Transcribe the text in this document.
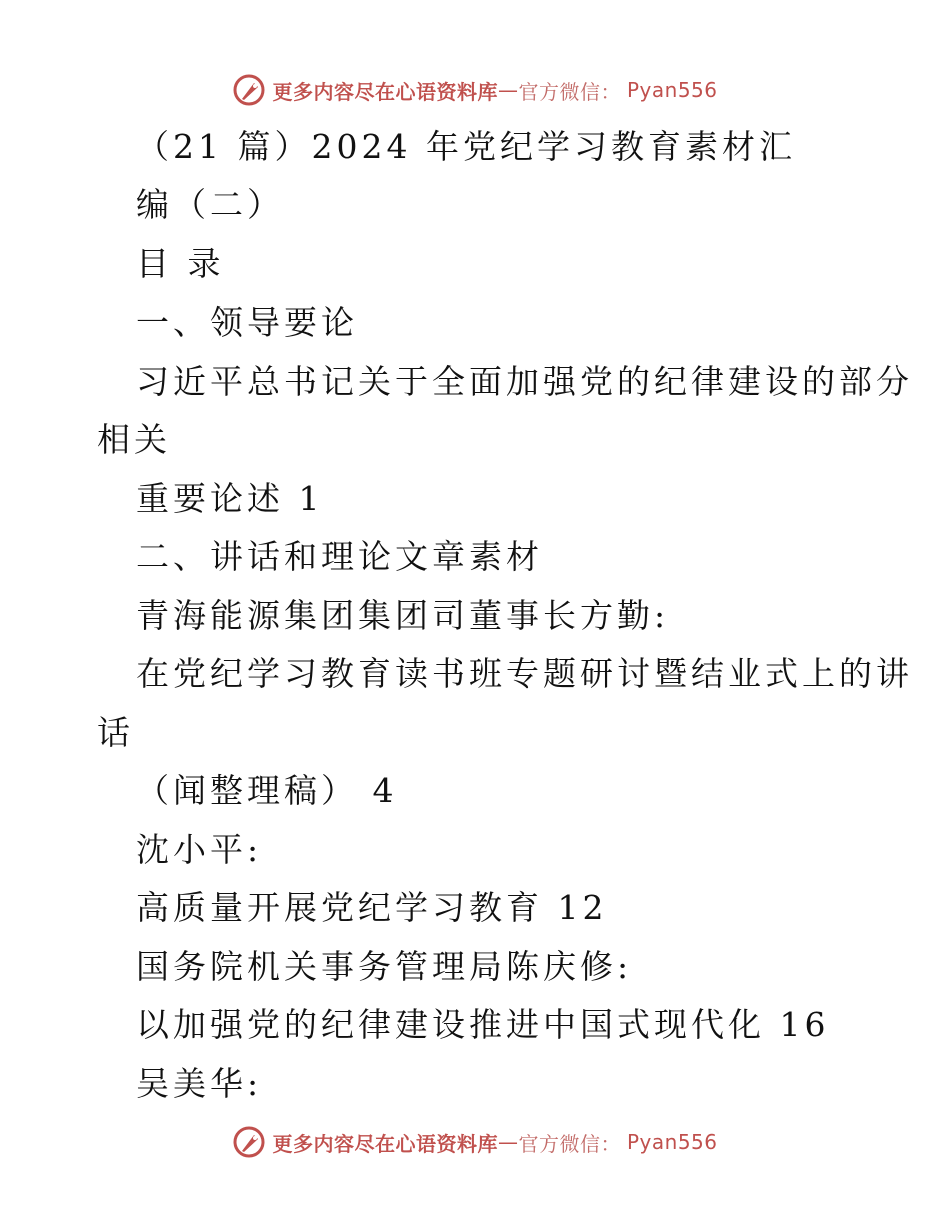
更多内容尽在心语资料库 — 官方微信： Pyan556

（21 篇）2024 年党纪学习教育素材汇

编（二）

目 录

一、领导要论

习近平总书记关于全面加强党的纪律建设的部分

相关

重要论述 1

二、讲话和理论文章素材

青海能源集团集团司董事长方勤:

在党纪学习教育读书班专题研讨暨结业式上的讲

话

（闻整理稿） 4

沈小平:

高质量开展党纪学习教育 12

国务院机关事务管理局陈庆修:

以加强党的纪律建设推进中国式现代化 16

吴美华:

更多内容尽在心语资料库 — 官方微信： Pyan556
